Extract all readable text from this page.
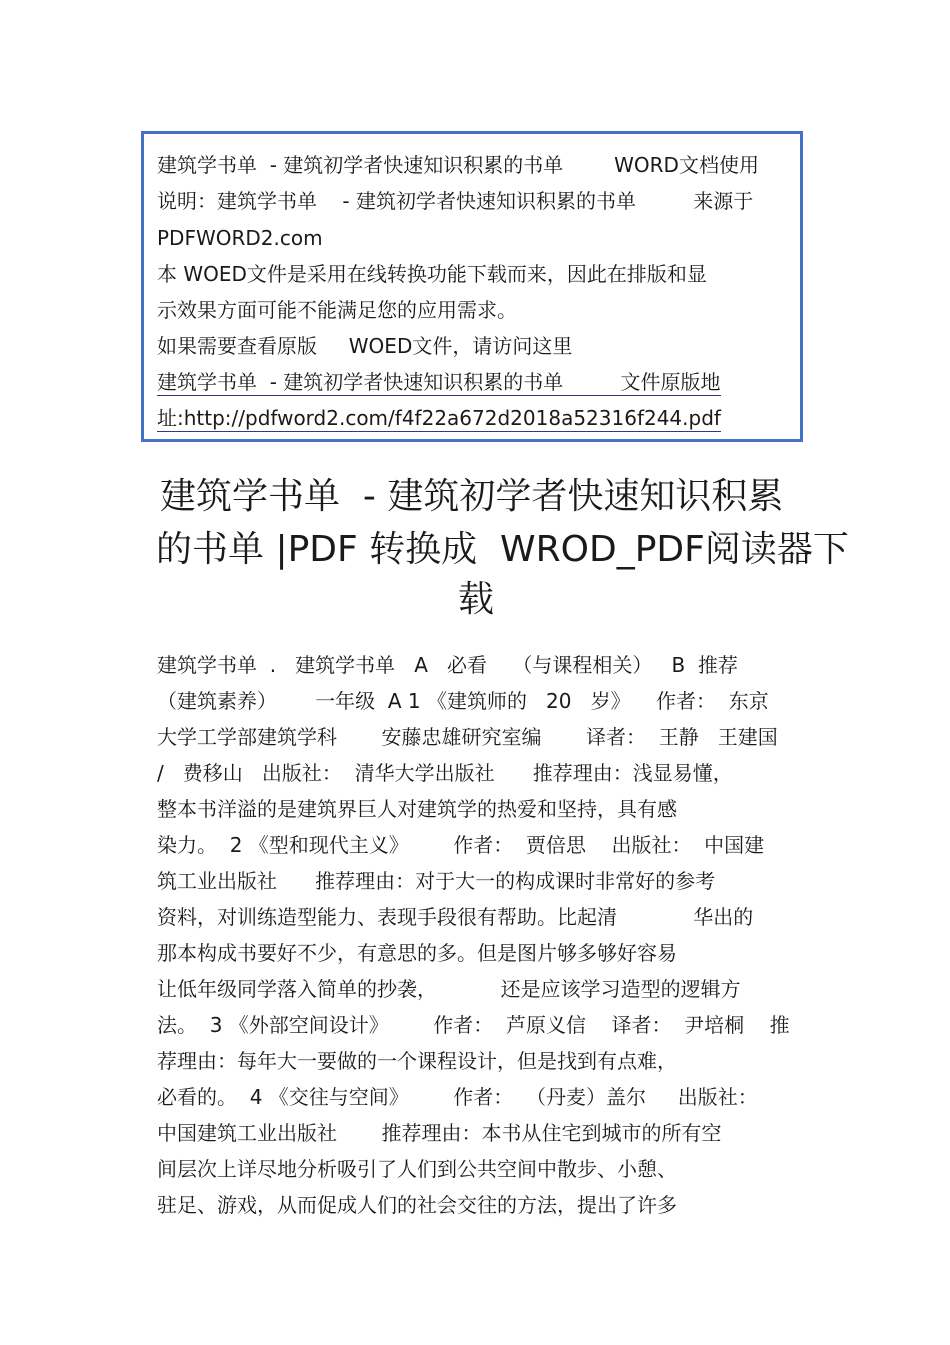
建筑学书单  - 建筑初学者快速知识积累的书单        WORD文档使用
说明：建筑学书单    - 建筑初学者快速知识积累的书单         来源于
PDFWORD2.com
本 WOED文件是采用在线转换功能下载而来，因此在排版和显
示效果方面可能不能满足您的应用需求。
如果需要查看原版     WOED文件，请访问这里
建筑学书单  - 建筑初学者快速知识积累的书单         文件原版地
址:http://pdfword2.com/f4f22a672d2018a52316f244.pdf
建筑学书单  - 建筑初学者快速知识积累
的书单 |PDF 转换成  WROD_PDF阅读器下
载
建筑学书单  .   建筑学书单   A   必看    （与课程相关）   B  推荐
（建筑素养）      一年级  A 1 《建筑师的   20   岁》    作者：  东京
大学工学部建筑学科       安藤忠雄研究室编       译者：  王静   王建国
/   费移山   出版社：  清华大学出版社      推荐理由：浅显易懂，
整本书洋溢的是建筑界巨人对建筑学的热爱和坚持，具有感
染力。  2 《型和现代主义》       作者：  贾倍思    出版社：  中国建
筑工业出版社      推荐理由：对于大一的构成课时非常好的参考
资料，对训练造型能力、表现手段很有帮助。比起清            华出的
那本构成书要好不少，有意思的多。但是图片够多够好容易
让低年级同学落入简单的抄袭，          还是应该学习造型的逻辑方
法。  3 《外部空间设计》       作者：  芦原义信    译者：  尹培桐    推
荐理由：每年大一要做的一个课程设计，但是找到有点难，
必看的。  4 《交往与空间》       作者：  （丹麦）盖尔     出版社：
中国建筑工业出版社       推荐理由：本书从住宅到城市的所有空
间层次上详尽地分析吸引了人们到公共空间中散步、小憩、
驻足、游戏，从而促成人们的社会交往的方法，提出了许多
